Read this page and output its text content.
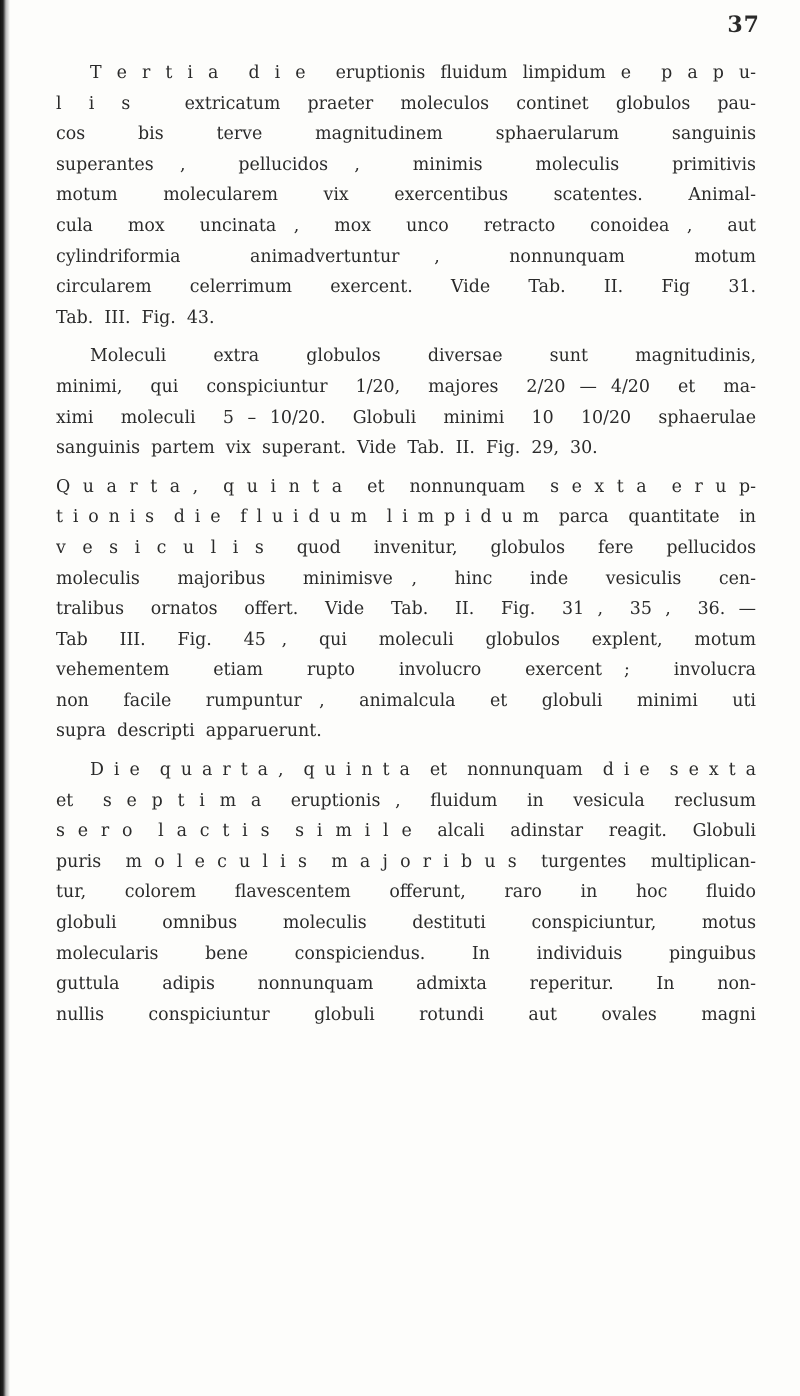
37
T e r t i a  d i e  eruptionis fluidum limpidum e  p a p u-
l i s  extricatum praeter moleculos continet globulos pau-
cos  bis  terve  magnitudinem  sphaerularum  sanguinis
superantes ,  pellucidos ,  minimis  moleculis  primitivis
motum  molecularem  vix  exercentibus  scatentes.  Animal-
cula  mox  uncinata ,  mox  unco  retracto  conoidea ,  aut
cylindriformia  animadvertuntur ,  nonnunquam  motum
circularem  celerrimum  exercent.  Vide  Tab.  II.  Fig  31.
Tab.  III.  Fig.  43.
Moleculi  extra  globulos  diversae  sunt  magnitudinis,
minimi,  qui  conspiciuntur  1/20,  majores  2/20 — 4/20  et  ma-
ximi  moleculi  5 – 10/20.  Globuli  minimi  10  10/20  sphaerulae
sanguinis  partem  vix  superant.  Vide  Tab.  II.  Fig.  29,  30.
Q u a r t a ,  q u i n t a  et  nonnunquam  s e x t a  e r u p-
t i o n i s  d i e  f l u i d u m  l i m p i d u m  parca  quantitate  in
v e s i c u l i s  quod  invenitur,  globulos  fere  pellucidos
moleculis  majoribus  minimisve ,  hinc  inde  vesiculis  cen-
tralibus  ornatos  offert.  Vide  Tab.  II.  Fig.  31 ,  35 ,  36. —
Tab  III.  Fig.  45 ,  qui  moleculi  globulos  explent,  motum
vehementem  etiam  rupto  involucro  exercent ;  involucra
non  facile  rumpuntur ,  animalcula  et  globuli  minimi  uti
supra  descripti  apparuerunt.
D i e  q u a r t a ,  q u i n t a  et  nonnunquam  d i e  s e x t a
et  s e p t i m a  eruptionis ,  fluidum  in  vesicula  reclusum
s e r o  l a c t i s  s i m i l e  alcali  adinstar  reagit.  Globuli
puris  m o l e c u l i s  m a j o r i b u s  turgentes  multiplican-
tur,  colorem  flavescentem  offerunt,  raro  in  hoc  fluido
globuli  omnibus  moleculis  destituti  conspiciuntur,  motus
molecularis  bene  conspiciendus.  In  individuis  pinguibus
guttula  adipis  nonnunquam  admixta  reperitur.  In  non-
nullis  conspiciuntur  globuli  rotundi  aut  ovales  magni
